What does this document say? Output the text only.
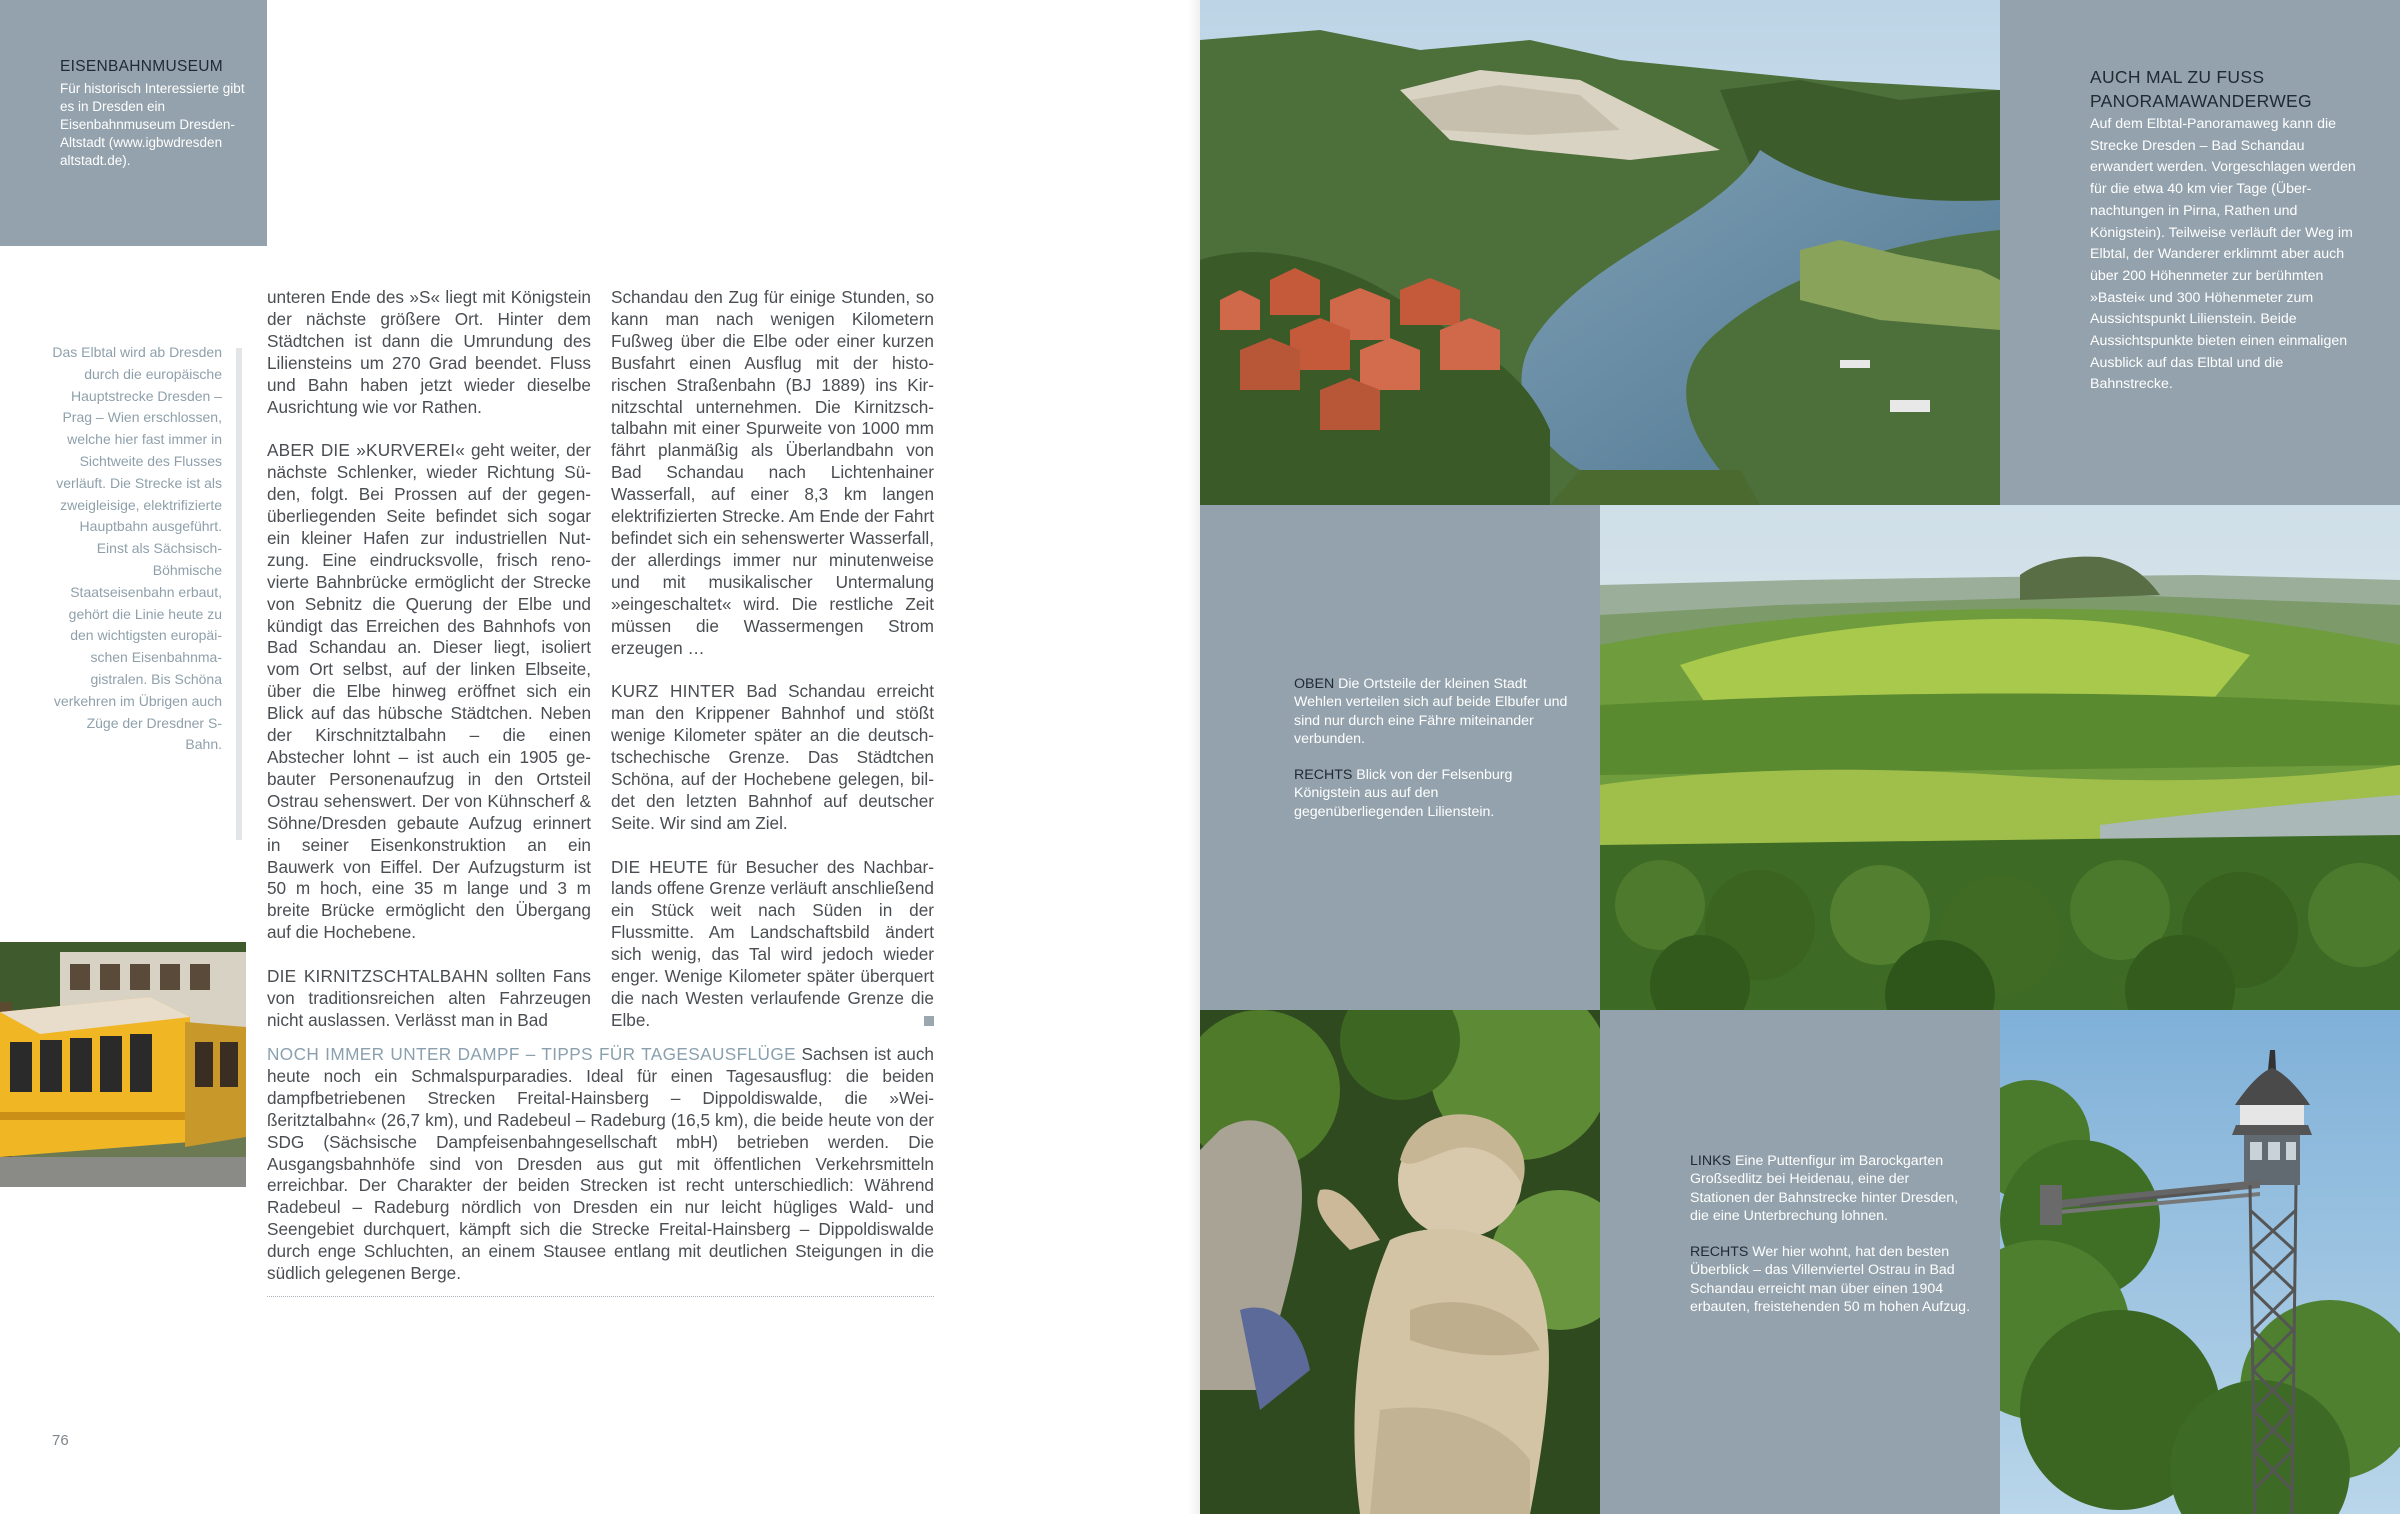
EISENBAHNMUSEUM
Für historisch Interessierte gibt es in Dresden ein Eisenbahnmuseum Dresden-Altstadt (www.igbwdresden altstadt.de).
Das Elbtal wird ab Dresden durch die europäische Hauptstrecke Dresden – Prag – Wien erschlossen, welche hier fast immer in Sichtweite des Flusses verläuft. Die Strecke ist als zweigleisige, elektrifizierte Hauptbahn ausgeführt. Einst als Sächsisch-Böhmische Staatseisenbahn erbaut, gehört die Linie heute zu den wichtigsten europäischen Eisenbahnmagistralen. Bis Schöna verkehren im Übrigen auch Züge der Dresdner S-Bahn.

unteren Ende des »S« liegt mit Königstein der nächste größere Ort. Hinter dem Städtchen ist dann die Umrundung des Liliensteins um 270 Grad beendet. Fluss und Bahn haben jetzt wieder dieselbe Ausrichtung wie vor Rathen.

ABER DIE »KURVEREI« geht weiter, der nächste Schlenker, wieder Richtung Süden, folgt. Bei Prossen auf der gegenüberliegenden Seite befindet sich sogar ein kleiner Hafen zur industriellen Nutzung. Eine eindrucksvolle, frisch renovierte Bahnbrücke ermöglicht der Strecke von Sebnitz die Querung der Elbe und kündigt das Erreichen des Bahnhofs von Bad Schandau an. Dieser liegt, isoliert vom Ort selbst, auf der linken Elbseite, über die Elbe hinweg eröffnet sich ein Blick auf das hübsche Städtchen. Neben der Kirschnitztalbahn – die einen Abstecher lohnt – ist auch ein 1905 gebauter Personenaufzug in den Ortsteil Ostrau sehenswert. Der von Kühnscherf & Söhne/Dresden gebaute Aufzug erinnert in seiner Eisenkonstruktion an ein Bauwerk von Eiffel. Der Aufzugsturm ist 50 m hoch, eine 35 m lange und 3 m breite Brücke ermöglicht den Übergang auf die Hochebene.

DIE KIRNITZSCHTALBAHN sollten Fans von traditionsreichen alten Fahrzeugen nicht auslassen. Verlässt man in Bad

Schandau den Zug für einige Stunden, so kann man nach wenigen Kilometern Fußweg über die Elbe oder einer kurzen Busfahrt einen Ausflug mit der historischen Straßenbahn (BJ 1889) ins Kirnitzschtal unternehmen. Die Kirnitzschtalbahn mit einer Spurweite von 1000 mm fährt planmäßig als Überlandbahn von Bad Schandau nach Lichtenhainer Wasserfall, auf einer 8,3 km langen elektrifizierten Strecke. Am Ende der Fahrt befindet sich ein sehenswerter Wasserfall, der allerdings immer nur minutenweise und mit musikalischer Untermalung »eingeschaltet« wird. Die restliche Zeit müssen die Wassermengen Strom erzeugen …

KURZ HINTER Bad Schandau erreicht man den Krippener Bahnhof und stößt wenige Kilometer später an die deutschtschechische Grenze. Das Städtchen Schöna, auf der Hochebene gelegen, bildet den letzten Bahnhof auf deutscher Seite. Wir sind am Ziel.

DIE HEUTE für Besucher des Nachbarlands offene Grenze verläuft anschließend ein Stück weit nach Süden in der Flussmitte. Am Landschaftsbild ändert sich wenig, das Tal wird jedoch wieder enger. Wenige Kilometer später überquert die nach Westen verlaufende Grenze die Elbe.

NOCH IMMER UNTER DAMPF – TIPPS FÜR TAGESAUSFLÜGE Sachsen ist auch heute noch ein Schmalspurparadies. Ideal für einen Tagesausflug: die beiden dampfbetriebenen Strecken Freital-Hainsberg – Dippoldiswalde, die »Weißeritztalbahn« (26,7 km), und Radebeul – Radeburg (16,5 km), die beide heute von der SDG (Sächsische Dampfeisenbahngesellschaft mbH) betrieben werden. Die Ausgangsbahnhöfe sind von Dresden aus gut mit öffentlichen Verkehrsmitteln erreichbar. Der Charakter der beiden Strecken ist recht unterschiedlich: Während Radebeul – Radeburg nördlich von Dresden ein nur leicht hügliges Wald- und Seengebiet durchquert, kämpft sich die Strecke Freital-Hainsberg – Dippoldiswalde durch enge Schluchten, an einem Stausee entlang mit deutlichen Steigungen in die südlich gelegenen Berge.
76
AUCH MAL ZU FUSS
PANORAMAWANDERWEG
Auf dem Elbtal-Panoramaweg kann die Strecke Dresden – Bad Schandau erwandert werden. Vorgeschlagen werden für die etwa 40 km vier Tage (Übernachtungen in Pirna, Rathen und Königstein). Teilweise verläuft der Weg im Elbtal, der Wanderer erklimmt aber auch über 200 Höhenmeter zur berühmten »Bastei« und 300 Höhenmeter zum Aussichtspunkt Lilienstein. Beide Aussichtspunkte bieten einen einmaligen Ausblick auf das Elbtal und die Bahnstrecke.
OBEN Die Ortsteile der kleinen Stadt Wehlen verteilen sich auf beide Elbufer und sind nur durch eine Fähre miteinander verbunden.
RECHTS Blick von der Felsenburg Königstein aus auf den gegenüberliegenden Lilienstein.
LINKS Eine Puttenfigur im Barockgarten Großsedlitz bei Heidenau, eine der Stationen der Bahnstrecke hinter Dresden, die eine Unterbrechung lohnen.
RECHTS Wer hier wohnt, hat den besten Überblick – das Villenviertel Ostrau in Bad Schandau erreicht man über einen 1904 erbauten, freistehenden 50 m hohen Aufzug.
